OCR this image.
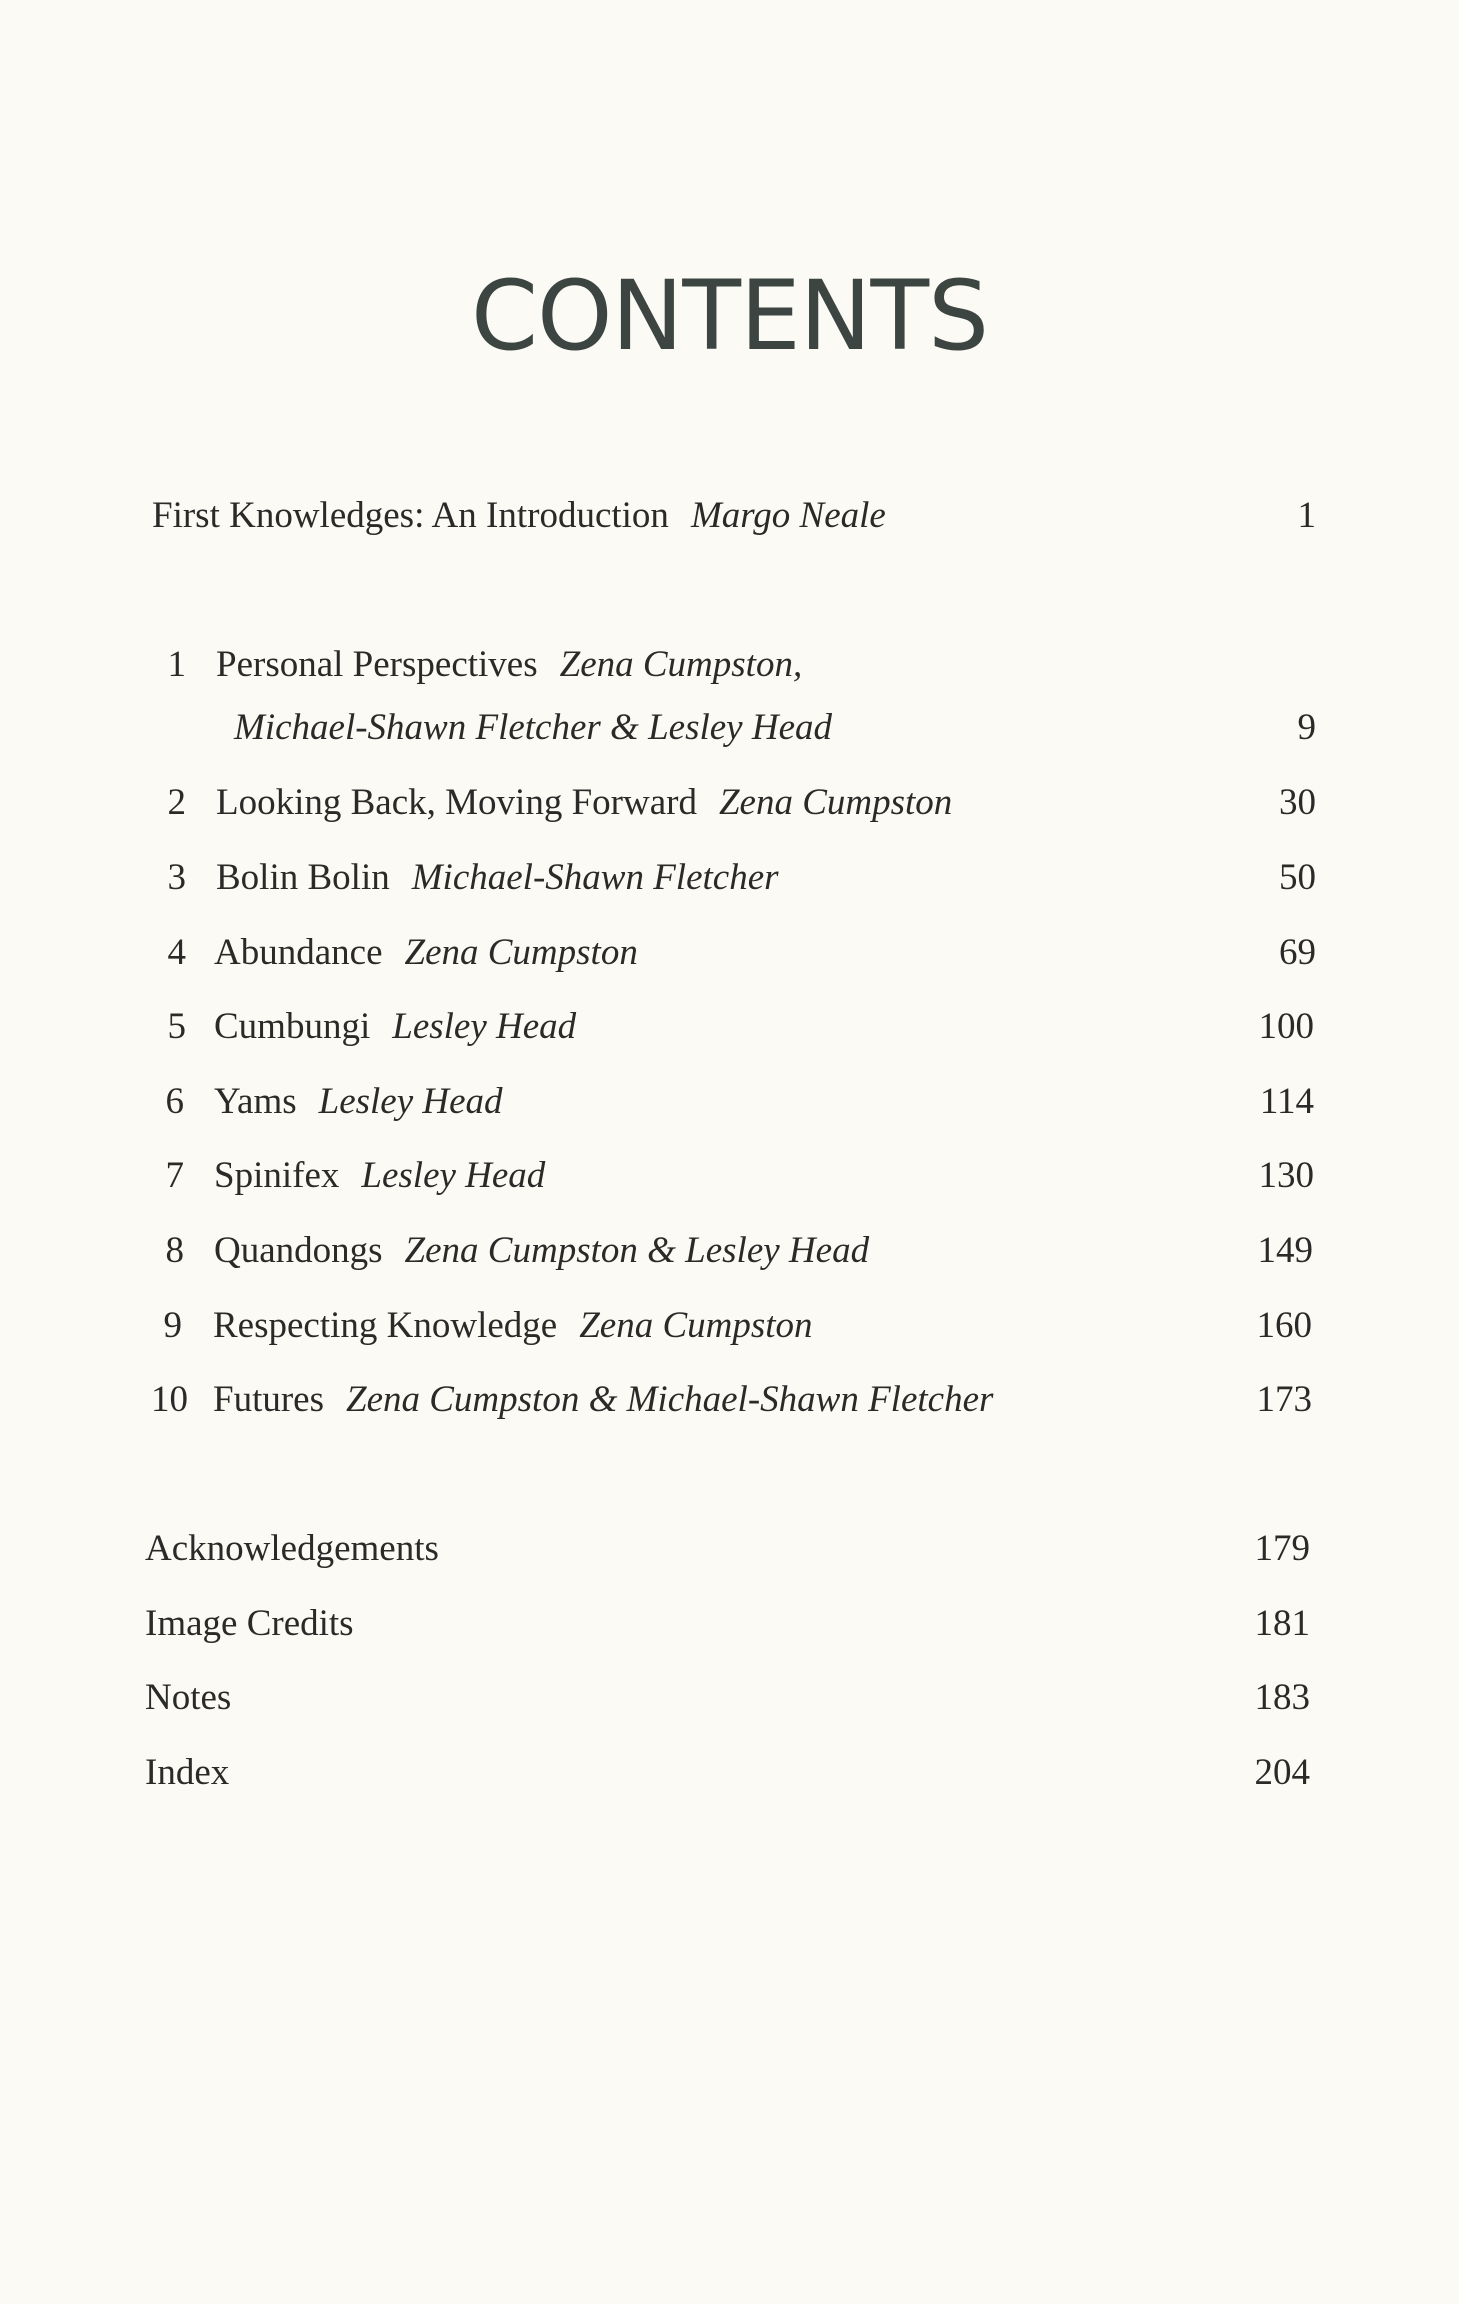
CONTENTS
First Knowledges: An Introduction Margo Neale	1
1 Personal Perspectives Zena Cumpston,
Michael-Shawn Fletcher & Lesley Head	9
2 Looking Back, Moving Forward Zena Cumpston	30
3 Bolin Bolin Michael-Shawn Fletcher	50
4 Abundance Zena Cumpston	69
5 Cumbungi Lesley Head	100
6 Yams Lesley Head	114
7 Spinifex Lesley Head	130
8 Quandongs Zena Cumpston & Lesley Head	149
9 Respecting Knowledge Zena Cumpston	160
10 Futures Zena Cumpston & Michael-Shawn Fletcher	173
Acknowledgements	179
Image Credits	181
Notes	183
Index	204
